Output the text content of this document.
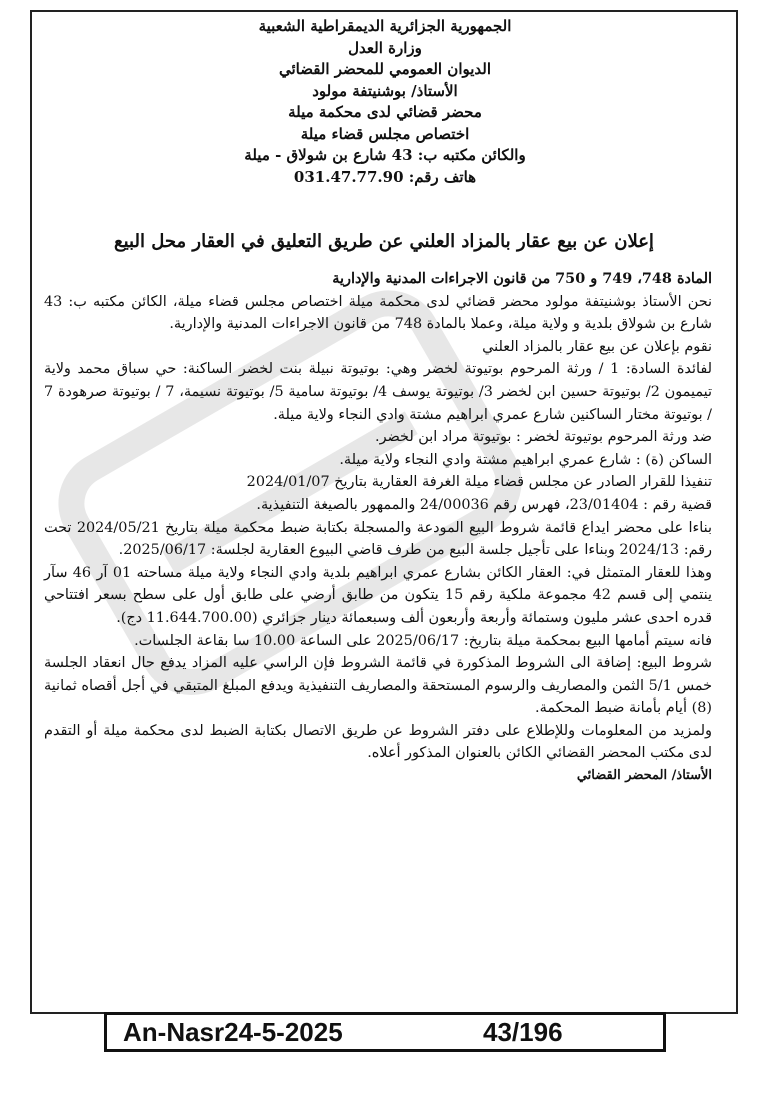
الجمهورية الجزائرية الديمقراطية الشعبية
وزارة العدل
الديوان العمومي للمحضر القضائي
الأستاذ/ بوشنيتفة مولود
محضر قضائي لدى محكمة ميلة
اختصاص مجلس قضاء ميلة
والكائن مكتبه ب: 43 شارع بن شولاق - ميلة
هاتف رقم: 031.47.77.90
إعلان عن بيع عقار بالمزاد العلني عن طريق التعليق في العقار محل البيع

المادة 748، 749 و 750 من قانون الاجراءات المدنية والإدارية

نحن الأستاذ بوشنيتفة مولود محضر قضائي لدى محكمة ميلة اختصاص مجلس قضاء ميلة، الكائن مكتبه ب: 43 شارع بن شولاق بلدية و ولاية ميلة، وعملا بالمادة 748 من قانون الاجراءات المدنية والإدارية.

نقوم بإعلان عن بيع عقار بالمزاد العلني

لفائدة السادة: 1 / ورثة المرحوم بوتيوتة لخضر وهي: بوتيوتة نبيلة بنت لخضر الساكنة: حي سباق محمد ولاية تيميمون 2/ بوتيوتة حسين ابن لخضر 3/ بوتيوتة يوسف 4/ بوتيوتة سامية 5/ بوتيوتة نسيمة، 7 / بوتيوتة صرهودة 7 / بوتيوتة مختار الساكنين شارع عمري ابراهيم مشتة وادي النجاء ولاية ميلة.

ضد ورثة المرحوم بوتيوتة لخضر : بوتيوتة مراد ابن لخضر.

الساكن (ة) : شارع عمري ابراهيم مشتة وادي النجاء ولاية ميلة.

تنفيذا للقرار الصادر عن مجلس قضاء ميلة الغرفة العقارية بتاريخ 2024/01/07

قضية رقم : 23/01404، فهرس رقم 24/00036 والممهور بالصيغة التنفيذية.

بناءا على محضر ايداع قائمة شروط البيع المودعة والمسجلة بكتابة ضبط محكمة ميلة بتاريخ 2024/05/21 تحت رقم: 2024/13 وبناءا على تأجيل جلسة البيع من طرف قاضي البيوع العقارية لجلسة: 2025/06/17.

وهذا للعقار المتمثل في: العقار الكائن بشارع عمري ابراهيم بلدية وادي النجاء ولاية ميلة مساحته 01 آر 46 سآر ينتمي إلى قسم 42 مجموعة ملكية رقم 15 يتكون من طابق أرضي على طابق أول على سطح بسعر افتتاحي قدره احدى عشر مليون وستمائة وأربعة وأربعون ألف وسبعمائة دينار جزائري (11.644.700.00 دج).

فانه سيتم أمامها البيع بمحكمة ميلة بتاريخ: 2025/06/17 على الساعة 10.00 سا بقاعة الجلسات.

شروط البيع: إضافة الى الشروط المذكورة في قائمة الشروط فإن الراسي عليه المزاد يدفع حال انعقاد الجلسة خمس 5/1 الثمن والمصاريف والرسوم المستحقة والمصاريف التنفيذية ويدفع المبلغ المتبقي في أجل أقصاه ثمانية (8) أيام بأمانة ضبط المحكمة.

ولمزيد من المعلومات وللإطلاع على دفتر الشروط عن طريق الاتصال بكتابة الضبط لدى محكمة ميلة أو التقدم لدى مكتب المحضر القضائي الكائن بالعنوان المذكور أعلاه.

الأستاذ/ المحضر القضائي
An-Nasr24-5-2025	43/196
